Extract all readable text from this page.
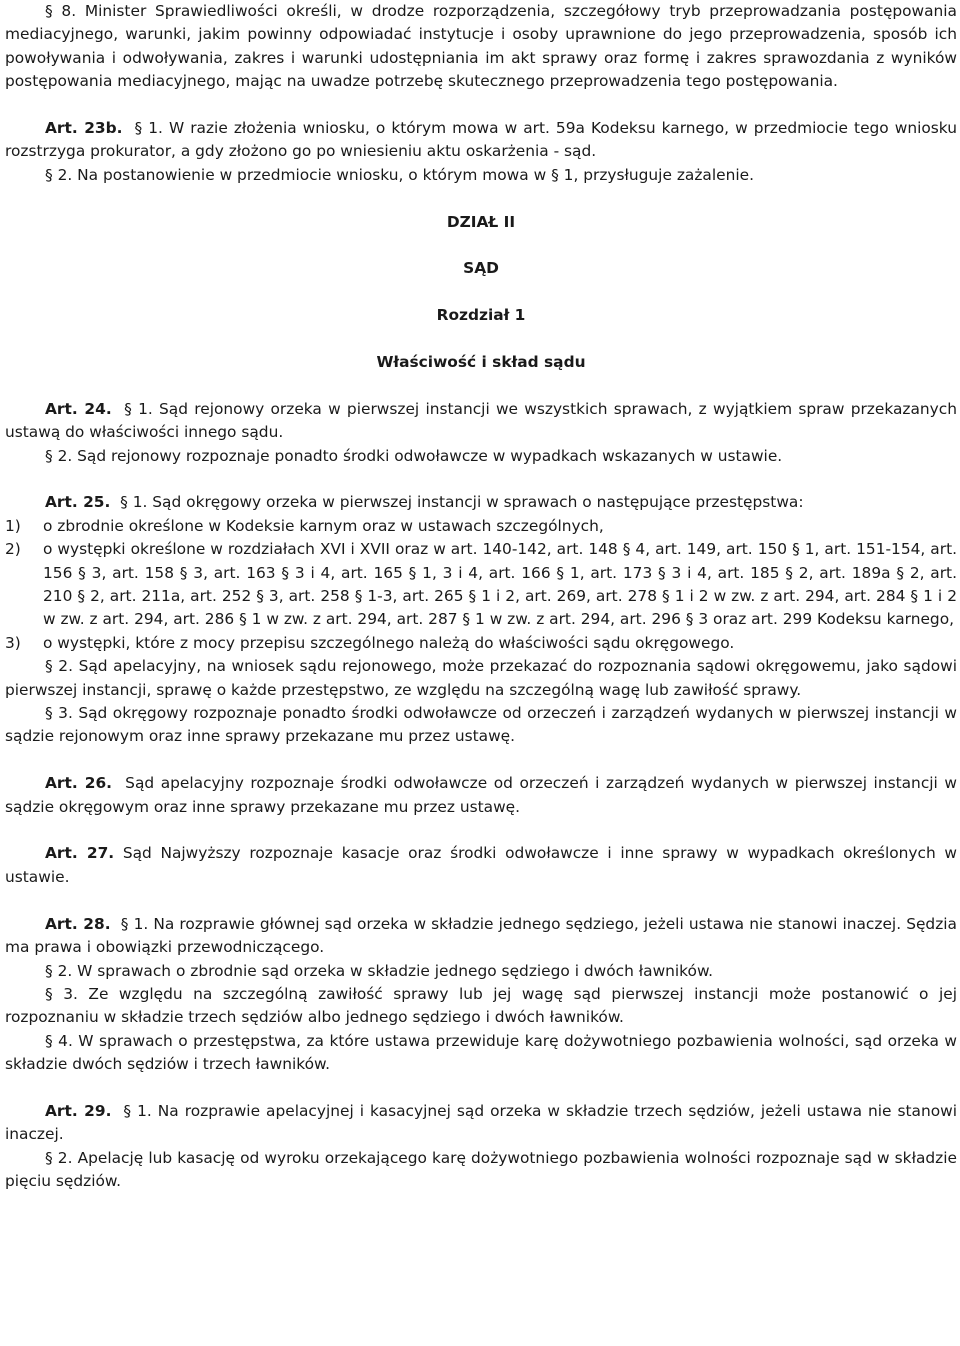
§ 8. Minister Sprawiedliwości określi, w drodze rozporządzenia, szczegółowy tryb przeprowadzania postępowania mediacyjnego, warunki, jakim powinny odpowiadać instytucje i osoby uprawnione do jego przeprowadzenia, sposób ich powoływania i odwoływania, zakres i warunki udostępniania im akt sprawy oraz formę i zakres sprawozdania z wyników postępowania mediacyjnego, mając na uwadze potrzebę skutecznego przeprowadzenia tego postępowania.

Art. 23b. § 1. W razie złożenia wniosku, o którym mowa w art. 59a Kodeksu karnego, w przedmiocie tego wniosku rozstrzyga prokurator, a gdy złożono go po wniesieniu aktu oskarżenia - sąd.

§ 2. Na postanowienie w przedmiocie wniosku, o którym mowa w § 1, przysługuje zażalenie.

DZIAŁ II

SĄD

Rozdział 1

Właściwość i skład sądu

Art. 24. § 1. Sąd rejonowy orzeka w pierwszej instancji we wszystkich sprawach, z wyjątkiem spraw przekazanych ustawą do właściwości innego sądu.

§ 2. Sąd rejonowy rozpoznaje ponadto środki odwoławcze w wypadkach wskazanych w ustawie.

Art. 25. § 1. Sąd okręgowy orzeka w pierwszej instancji w sprawach o następujące przestępstwa:

1) o zbrodnie określone w Kodeksie karnym oraz w ustawach szczególnych,

2) o występki określone w rozdziałach XVI i XVII oraz w art. 140-142, art. 148 § 4, art. 149, art. 150 § 1, art. 151-154, art. 156 § 3, art. 158 § 3, art. 163 § 3 i 4, art. 165 § 1, 3 i 4, art. 166 § 1, art. 173 § 3 i 4, art. 185 § 2, art. 189a § 2, art. 210 § 2, art. 211a, art. 252 § 3, art. 258 § 1-3, art. 265 § 1 i 2, art. 269, art. 278 § 1 i 2 w zw. z art. 294, art. 284 § 1 i 2 w zw. z art. 294, art. 286 § 1 w zw. z art. 294, art. 287 § 1 w zw. z art. 294, art. 296 § 3 oraz art. 299 Kodeksu karnego,

3) o występki, które z mocy przepisu szczególnego należą do właściwości sądu okręgowego.

§ 2. Sąd apelacyjny, na wniosek sądu rejonowego, może przekazać do rozpoznania sądowi okręgowemu, jako sądowi pierwszej instancji, sprawę o każde przestępstwo, ze względu na szczególną wagę lub zawiłość sprawy.

§ 3. Sąd okręgowy rozpoznaje ponadto środki odwoławcze od orzeczeń i zarządzeń wydanych w pierwszej instancji w sądzie rejonowym oraz inne sprawy przekazane mu przez ustawę.

Art. 26. Sąd apelacyjny rozpoznaje środki odwoławcze od orzeczeń i zarządzeń wydanych w pierwszej instancji w sądzie okręgowym oraz inne sprawy przekazane mu przez ustawę.

Art. 27. Sąd Najwyższy rozpoznaje kasacje oraz środki odwoławcze i inne sprawy w wypadkach określonych w ustawie.

Art. 28. § 1. Na rozprawie głównej sąd orzeka w składzie jednego sędziego, jeżeli ustawa nie stanowi inaczej. Sędzia ma prawa i obowiązki przewodniczącego.

§ 2. W sprawach o zbrodnie sąd orzeka w składzie jednego sędziego i dwóch ławników.

§ 3. Ze względu na szczególną zawiłość sprawy lub jej wagę sąd pierwszej instancji może postanowić o jej rozpoznaniu w składzie trzech sędziów albo jednego sędziego i dwóch ławników.

§ 4. W sprawach o przestępstwa, za które ustawa przewiduje karę dożywotniego pozbawienia wolności, sąd orzeka w składzie dwóch sędziów i trzech ławników.

Art. 29. § 1. Na rozprawie apelacyjnej i kasacyjnej sąd orzeka w składzie trzech sędziów, jeżeli ustawa nie stanowi inaczej.

§ 2. Apelację lub kasację od wyroku orzekającego karę dożywotniego pozbawienia wolności rozpoznaje sąd w składzie pięciu sędziów.
